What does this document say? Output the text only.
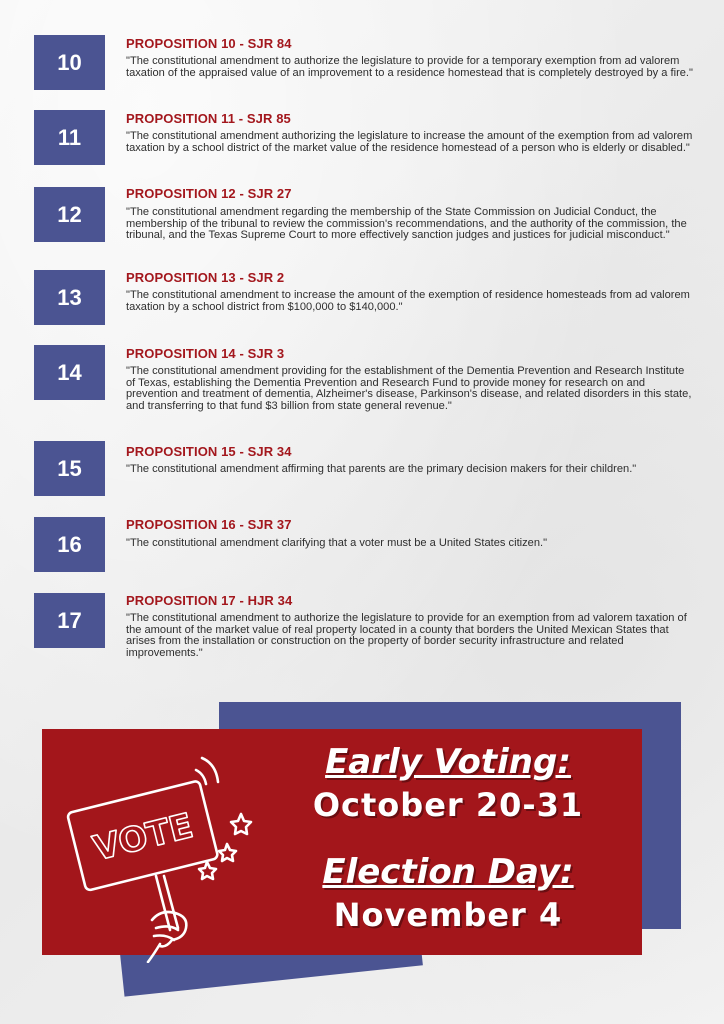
10
PROPOSITION 10 - SJR 84
"The constitutional amendment to authorize the legislature to provide for a temporary exemption from ad valorem taxation of the appraised value of an improvement to a residence homestead that is completely destroyed by a fire."
11
PROPOSITION 11 - SJR 85
"The constitutional amendment authorizing the legislature to increase the amount of the exemption from ad valorem taxation by a school district of the market value of the residence homestead of a person who is elderly or disabled."
12
PROPOSITION 12 - SJR 27
"The constitutional amendment regarding the membership of the State Commission on Judicial Conduct, the membership of the tribunal to review the commission's recommendations, and the authority of the commission, the tribunal, and the Texas Supreme Court to more effectively sanction judges and justices for judicial misconduct."
13
PROPOSITION 13 - SJR 2
"The constitutional amendment to increase the amount of the exemption of residence homesteads from ad valorem taxation by a school district from $100,000 to $140,000."
14
PROPOSITION 14 - SJR 3
"The constitutional amendment providing for the establishment of the Dementia Prevention and Research Institute of Texas, establishing the Dementia Prevention and Research Fund to provide money for research on and prevention and treatment of dementia, Alzheimer's disease, Parkinson's disease, and related disorders in this state, and transferring to that fund $3 billion from state general revenue."
15
PROPOSITION 15 - SJR 34
"The constitutional amendment affirming that parents are the primary decision makers for their children."
16
PROPOSITION 16 - SJR 37
"The constitutional amendment clarifying that a voter must be a United States citizen."
17
PROPOSITION 17 - HJR 34
"The constitutional amendment to authorize the legislature to provide for an exemption from ad valorem taxation of the amount of the market value of real property located in a county that borders the United Mexican States that arises from the installation or construction on the property of border security infrastructure and related improvements."
VOTE
Early Voting:
October 20-31
Election Day:
November 4
